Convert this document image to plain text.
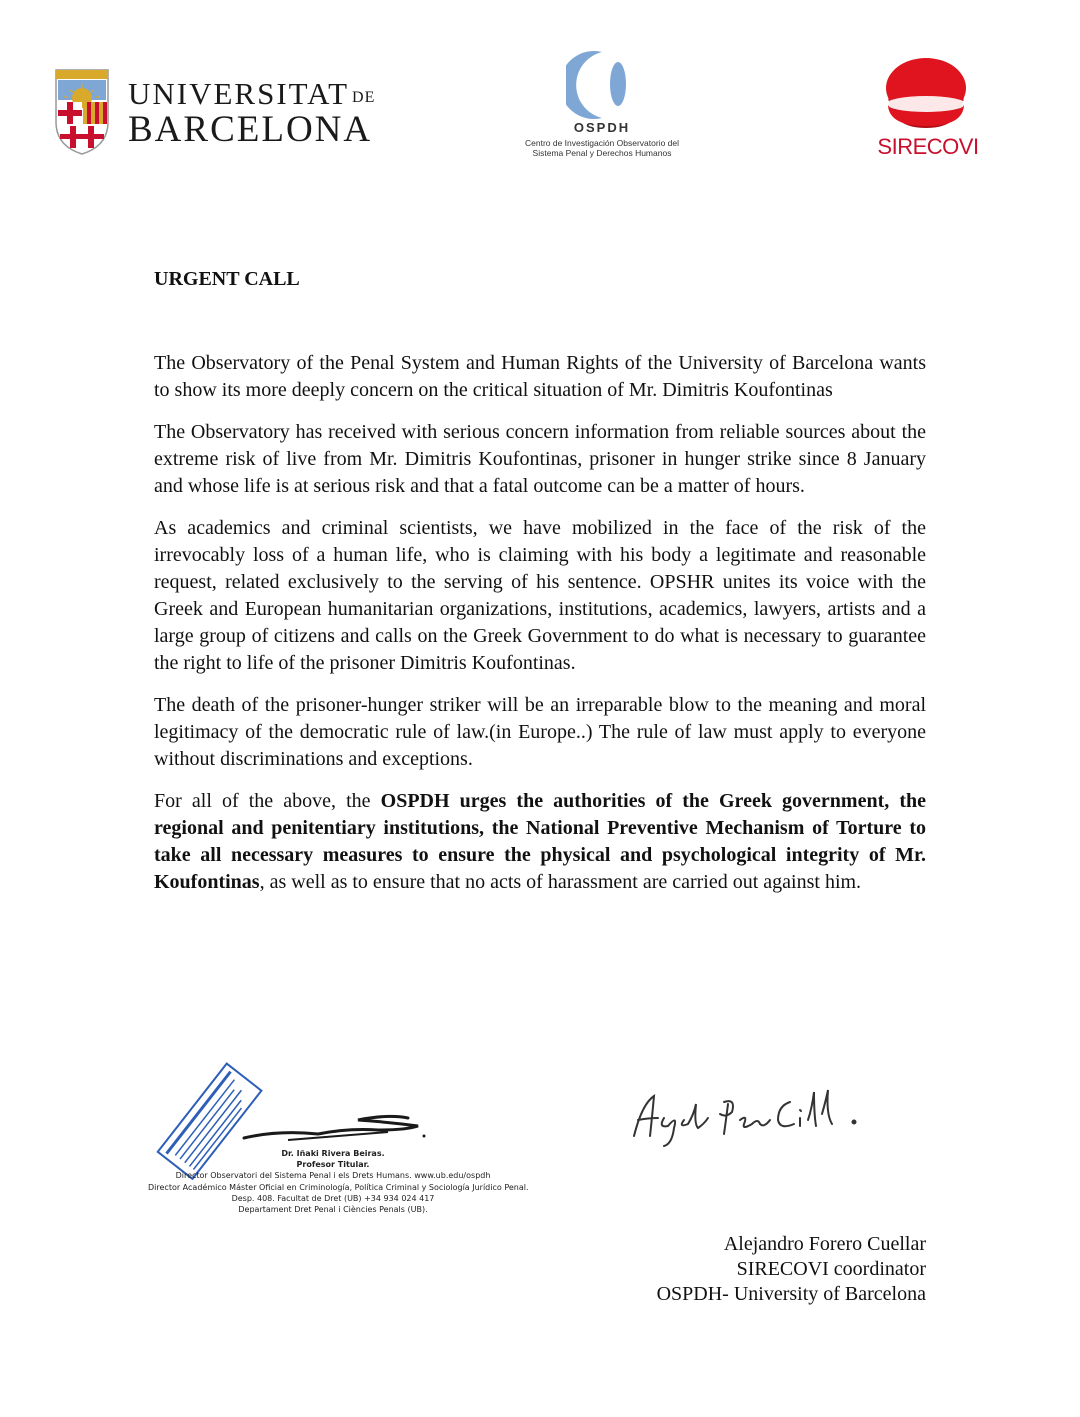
UNIVERSITAT DE
BARCELONA	OSPDH
Centro de Investigación Observatorio del
Sistema Penal y Derechos Humanos	SIRECOVI
URGENT CALL

The Observatory of the Penal System and Human Rights of the University of Barcelona wants to show its more deeply concern on the critical situation of Mr. Dimitris Koufontinas

The Observatory has received with serious concern information from reliable sources about the extreme risk of live from Mr. Dimitris Koufontinas, prisoner in hunger strike since 8 January and whose life is at serious risk and that a fatal outcome can be a matter of hours.

As academics and criminal scientists, we have mobilized in the face of the risk of the irrevocably loss of a human life, who is claiming with his body a legitimate and reasonable request, related exclusively to the serving of his sentence. OPSHR unites its voice with the Greek and European humanitarian organizations, institutions, academics, lawyers, artists and a large group of citizens and calls on the Greek Government to do what is necessary to guarantee the right to life of the prisoner Dimitris Koufontinas.

The death of the prisoner-hunger striker will be an irreparable blow to the meaning and moral legitimacy of the democratic rule of law.(in Europe..) The rule of law must apply to everyone without discriminations and exceptions.

For all of the above, the OSPDH urges the authorities of the Greek government, the regional and penitentiary institutions, the National Preventive Mechanism of Torture to take all necessary measures to ensure the physical and psychological integrity of Mr. Koufontinas, as well as to ensure that no acts of harassment are carried out against him.

Dr. Iñaki Rivera Beiras.
Profesor Titular.
Director Observatori del Sistema Penal i els Drets Humans. www.ub.edu/ospdh
Director Académico Máster Oficial en Criminología, Política Criminal y Sociología Jurídico Penal.
Desp. 408. Facultat de Dret (UB) +34 934 024 417
Departament Dret Penal i Ciències Penals (UB).

Alejandro Forero Cuellar

SIRECOVI coordinator

OSPDH- University of Barcelona
